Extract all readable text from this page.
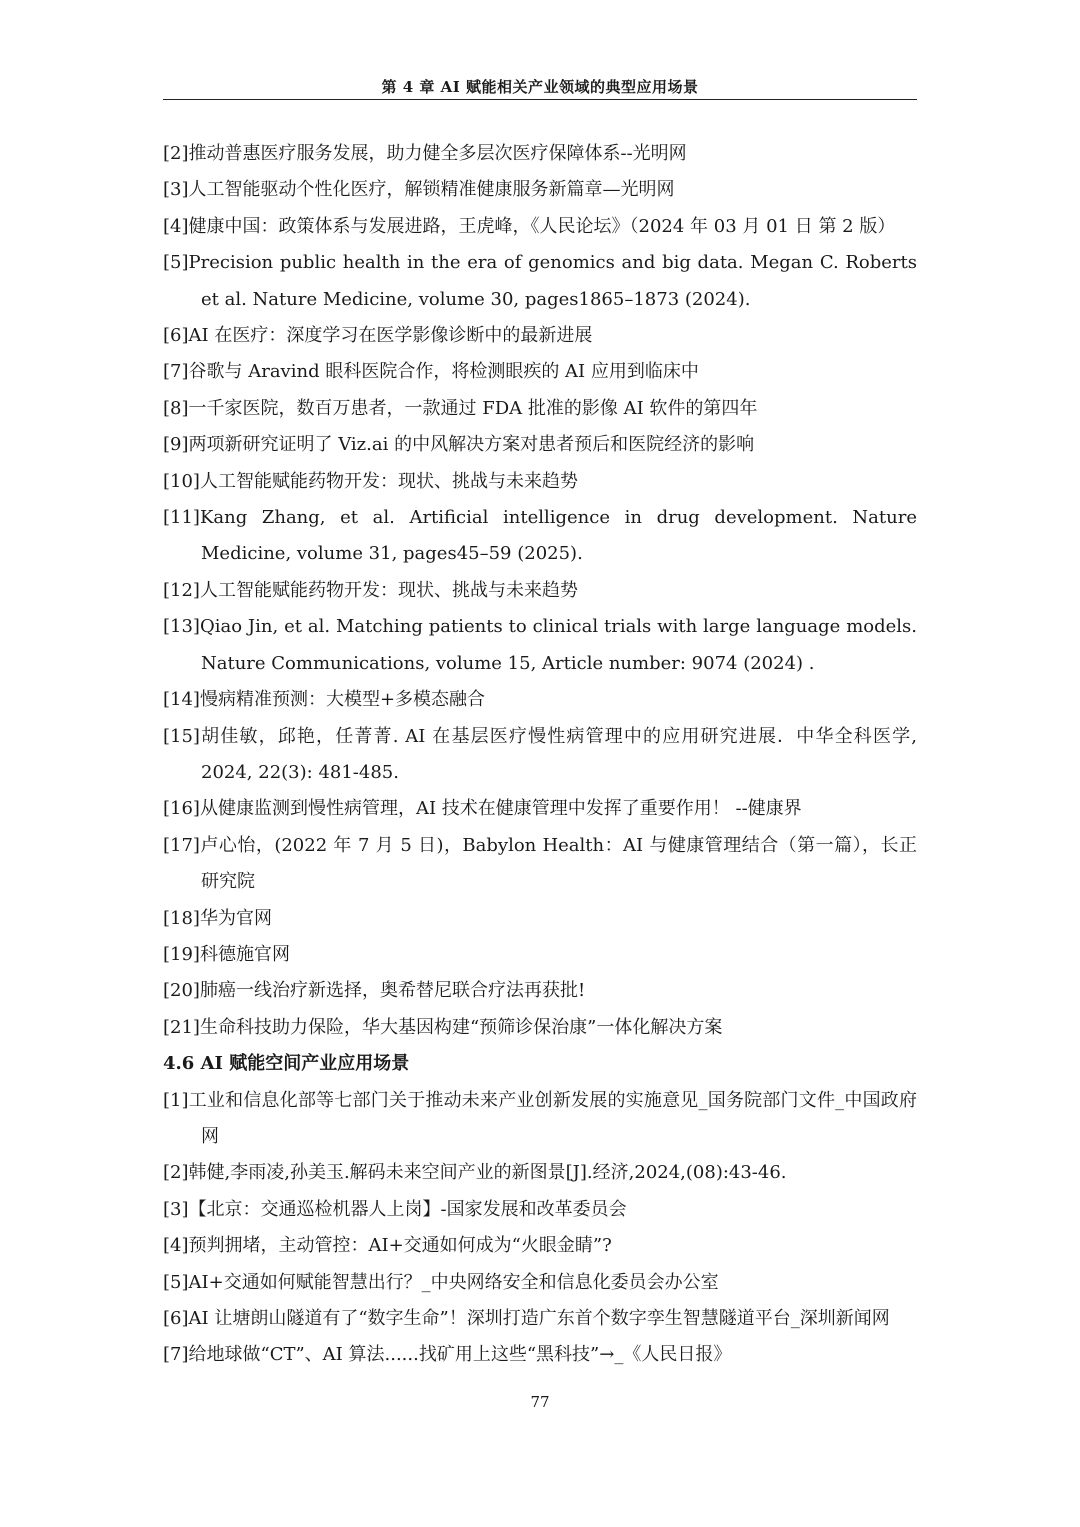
第 4 章 AI 赋能相关产业领域的典型应用场景
[2]推动普惠医疗服务发展，助力健全多层次医疗保障体系--光明网
[3]人工智能驱动个性化医疗，解锁精准健康服务新篇章—光明网
[4]健康中国：政策体系与发展进路，王虎峰，《人民论坛》（2024 年 03 月 01 日 第 2 版）
[5]Precision public health in the era of genomics and big data. Megan C. Roberts et al. Nature Medicine, volume 30, pages1865–1873 (2024).
[6]AI 在医疗：深度学习在医学影像诊断中的最新进展
[7]谷歌与 Aravind 眼科医院合作，将检测眼疾的 AI 应用到临床中
[8]一千家医院，数百万患者，一款通过 FDA 批准的影像 AI 软件的第四年
[9]两项新研究证明了 Viz.ai 的中风解决方案对患者预后和医院经济的影响
[10]人工智能赋能药物开发：现状、挑战与未来趋势
[11]Kang Zhang, et al. Artificial intelligence in drug development. Nature Medicine, volume 31, pages45–59 (2025).
[12]人工智能赋能药物开发：现状、挑战与未来趋势
[13]Qiao Jin, et al. Matching patients to clinical trials with large language models. Nature Communications, volume 15, Article number: 9074 (2024) .
[14]慢病精准预测：大模型+多模态融合
[15]胡佳敏，邱艳，任菁菁. AI 在基层医疗慢性病管理中的应用研究进展．中华全科医学, 2024, 22(3): 481-485.
[16]从健康监测到慢性病管理，AI 技术在健康管理中发挥了重要作用！ --健康界
[17]卢心怡，(2022 年 7 月 5 日)，Babylon Health：AI 与健康管理结合（第一篇），长正研究院
[18]华为官网
[19]科德施官网
[20]肺癌一线治疗新选择，奥希替尼联合疗法再获批!
[21]生命科技助力保险，华大基因构建“预筛诊保治康”一体化解决方案
4.6 AI 赋能空间产业应用场景
[1]工业和信息化部等七部门关于推动未来产业创新发展的实施意见_国务院部门文件_中国政府网
[2]韩健,李雨凌,孙美玉.解码未来空间产业的新图景[J].经济,2024,(08):43-46.
[3]【北京：交通巡检机器人上岗】-国家发展和改革委员会
[4]预判拥堵，主动管控：AI+交通如何成为“火眼金睛”?
[5]AI+交通如何赋能智慧出行？_中央网络安全和信息化委员会办公室
[6]AI 让塘朗山隧道有了“数字生命”！深圳打造广东首个数字孪生智慧隧道平台_深圳新闻网
[7]给地球做“CT”、AI 算法......找矿用上这些“黑科技”→_《人民日报》
77
